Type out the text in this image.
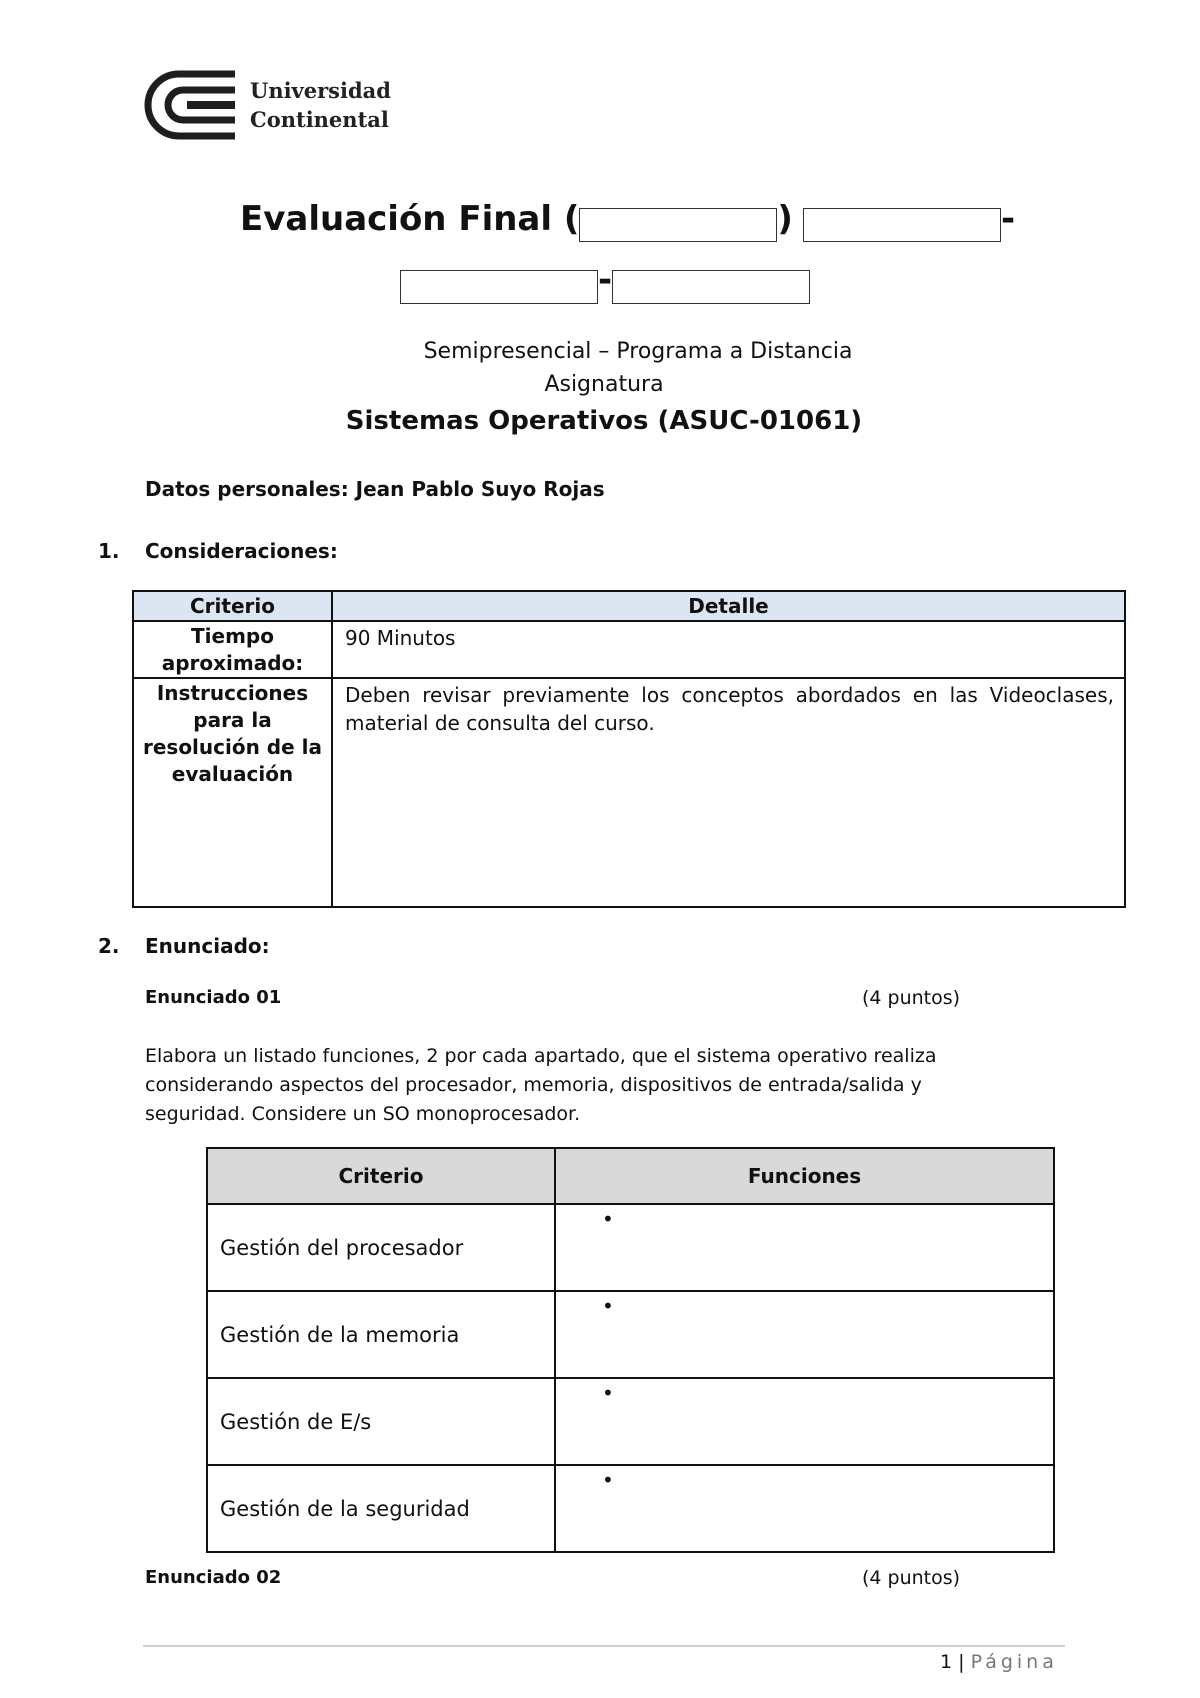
Universidad
Continental
Evaluación Final (	)	-
-
Semipresencial – Programa a Distancia
Asignatura
Sistemas Operativos (ASUC-01061)
Datos personales: Jean Pablo Suyo Rojas
1.	Consideraciones:
Criterio	Detalle
Tiempo aproximado:	90 Minutos
Instrucciones para la resolución de la evaluación	Deben revisar previamente los conceptos abordados en las Videoclases, material de consulta del curso.
2.	Enunciado:
Enunciado 01	(4 puntos)
Elabora un listado funciones, 2 por cada apartado, que el sistema operativo realiza considerando aspectos del procesador, memoria, dispositivos de entrada/salida y seguridad. Considere un SO monoprocesador.
Criterio	Funciones
Gestión del procesador	•
Gestión de la memoria	•
Gestión de E/s	•
Gestión de la seguridad	•
Enunciado 02	(4 puntos)
1 | Página
